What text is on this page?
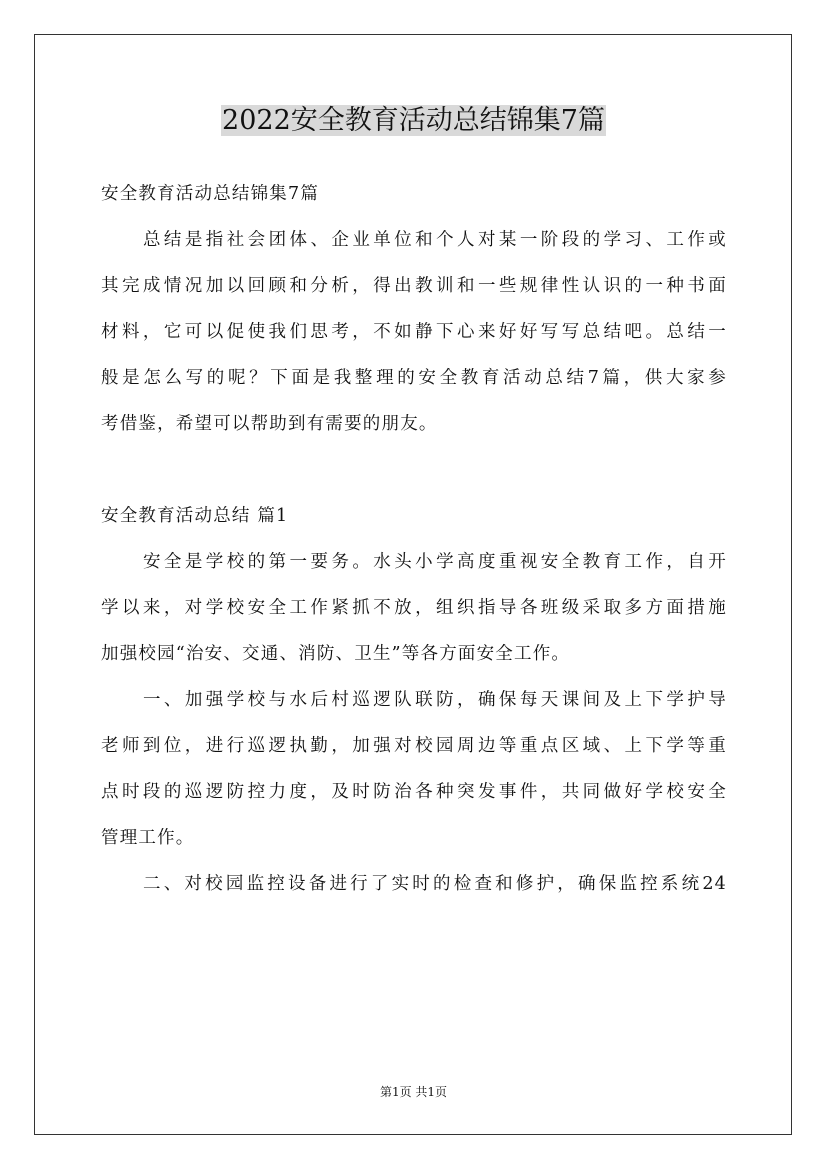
2022安全教育活动总结锦集7篇
安全教育活动总结锦集7篇
总结是指社会团体、企业单位和个人对某一阶段的学习、工作或
其完成情况加以回顾和分析，得出教训和一些规律性认识的一种书面
材料，它可以促使我们思考，不如静下心来好好写写总结吧。总结一
般是怎么写的呢？下面是我整理的安全教育活动总结7篇，供大家参
考借鉴，希望可以帮助到有需要的朋友。
安全教育活动总结 篇1
安全是学校的第一要务。水头小学高度重视安全教育工作，自开
学以来，对学校安全工作紧抓不放，组织指导各班级采取多方面措施
加强校园“治安、交通、消防、卫生”等各方面安全工作。
一、加强学校与水后村巡逻队联防，确保每天课间及上下学护导
老师到位，进行巡逻执勤，加强对校园周边等重点区域、上下学等重
点时段的巡逻防控力度，及时防治各种突发事件，共同做好学校安全
管理工作。
二、对校园监控设备进行了实时的检查和修护，确保监控系统24
第1页 共1页
